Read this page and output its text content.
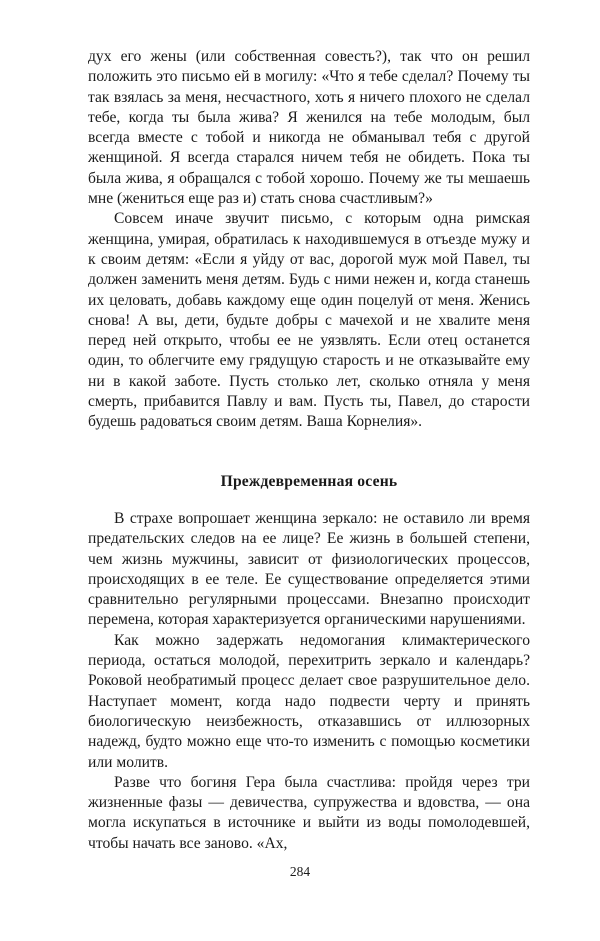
дух его жены (или собственная совесть?), так что он решил положить это письмо ей в могилу: «Что я тебе сделал? Почему ты так взялась за меня, несчастного, хоть я ничего плохого не сделал тебе, когда ты была жива? Я женился на тебе молодым, был всегда вместе с тобой и никогда не обманывал тебя с другой женщиной. Я всегда старался ничем тебя не обидеть. Пока ты была жива, я обращался с тобой хорошо. Почему же ты мешаешь мне (жениться еще раз и) стать снова счастливым?»

Совсем иначе звучит письмо, с которым одна римская женщина, умирая, обратилась к находившемуся в отъезде мужу и к своим детям: «Если я уйду от вас, дорогой муж мой Павел, ты должен заменить меня детям. Будь с ними нежен и, когда станешь их целовать, добавь каждому еще один поцелуй от меня. Женись снова! А вы, дети, будьте добры с мачехой и не хвалите меня перед ней открыто, чтобы ее не уязвлять. Если отец останется один, то облегчите ему грядущую старость и не отказывайте ему ни в какой заботе. Пусть столько лет, сколько отняла у меня смерть, прибавится Павлу и вам. Пусть ты, Павел, до старости будешь радоваться своим детям. Ваша Корнелия».

Преждевременная осень

В страхе вопрошает женщина зеркало: не оставило ли время предательских следов на ее лице? Ее жизнь в большей степени, чем жизнь мужчины, зависит от физиологических процессов, происходящих в ее теле. Ее существование определяется этими сравнительно регулярными процессами. Внезапно происходит перемена, которая характеризуется органическими нарушениями.

Как можно задержать недомогания климактерического периода, остаться молодой, перехитрить зеркало и календарь? Роковой необратимый процесс делает свое разрушительное дело. Наступает момент, когда надо подвести черту и принять биологическую неизбежность, отказавшись от иллюзорных надежд, будто можно еще что-то изменить с помощью косметики или молитв.

Разве что богиня Гера была счастлива: пройдя через три жизненные фазы — девичества, супружества и вдовства, — она могла искупаться в источнике и выйти из воды помолодевшей, чтобы начать все заново. «Ах,

284
